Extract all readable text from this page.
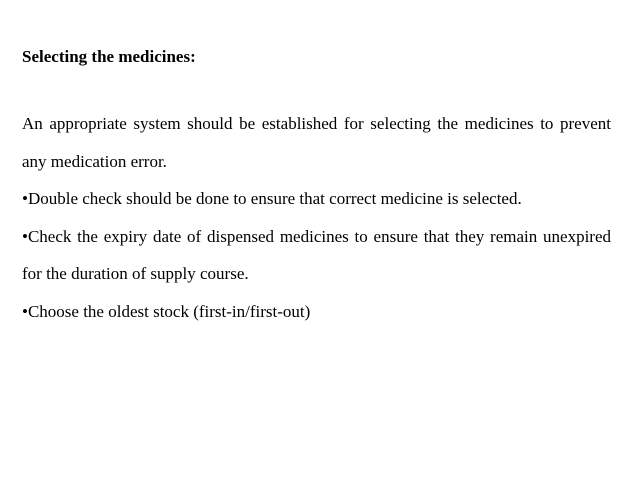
Selecting the medicines:

An appropriate system should be established for selecting the medicines to prevent any medication error.

•Double check should be done to ensure that correct medicine is selected.

•Check the expiry date of dispensed medicines to ensure that they remain unexpired for the duration of supply course.

•Choose the oldest stock (first-in/first-out)
